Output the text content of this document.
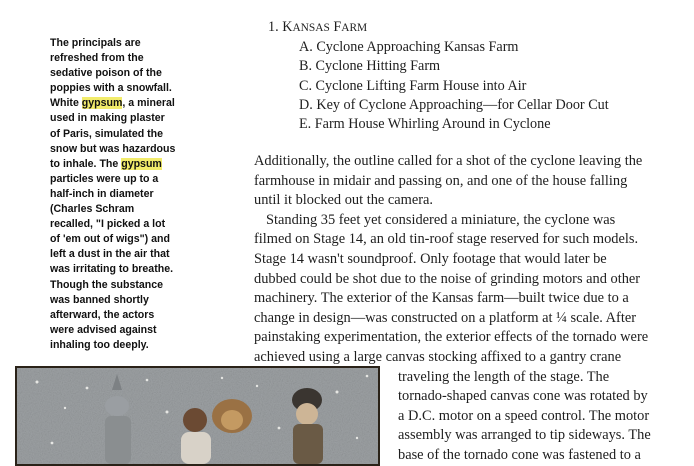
The principals are
refreshed from the
sedative poison of the
poppies with a snowfall.
White gypsum, a mineral
used in making plaster
of Paris, simulated the
snow but was hazardous
to inhale. The gypsum
particles were up to a
half-inch in diameter
(Charles Schram
recalled, "I picked a lot
of 'em out of wigs") and
left a dust in the air that
was irritating to breathe.
Though the substance
was banned shortly
afterward, the actors
were advised against
inhaling too deeply.
1. KANSAS FARM
A. Cyclone Approaching Kansas Farm
B. Cyclone Hitting Farm
C. Cyclone Lifting Farm House into Air
D. Key of Cyclone Approaching—for Cellar Door Cut
E. Farm House Whirling Around in Cyclone
Additionally, the outline called for a shot of the cyclone leaving the
farmhouse in midair and passing on, and one of the house falling
until it blocked out the camera.
Standing 35 feet yet considered a miniature, the cyclone was
filmed on Stage 14, an old tin-roof stage reserved for such models.
Stage 14 wasn't soundproof. Only footage that would later be
dubbed could be shot due to the noise of grinding motors and other
machinery. The exterior of the Kansas farm—built twice due to a
change in design—was constructed on a platform at ¼ scale. After
painstaking experimentation, the exterior effects of the tornado were
achieved using a large canvas stocking affixed to a gantry crane
traveling the length of the stage. The
tornado-shaped canvas cone was rotated by
a D.C. motor on a speed control. The motor
assembly was arranged to tip sideways. The
base of the tornado cone was fastened to a
